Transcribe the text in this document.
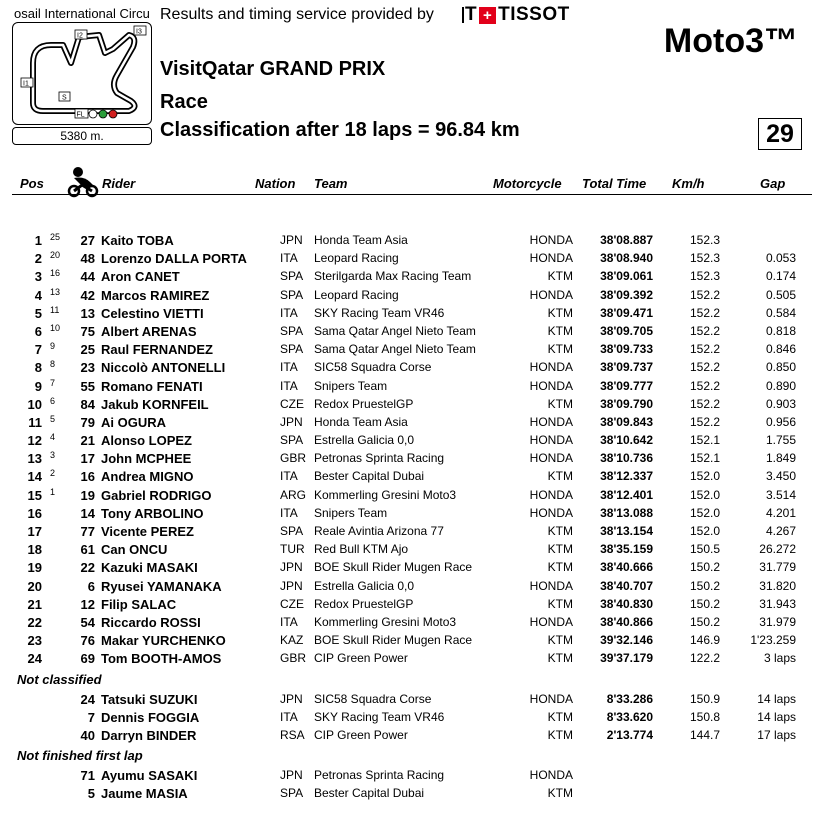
osail International Circu
I2
I3
I1
S
FL
5380 m.
Results and timing service provided by T + TISSOT
Moto3™
VisitQatar GRAND PRIX
Race
Classification after 18 laps = 96.84 km	29
Pos	Rider	Nation Team	Motorcycle Total Time Km/h	Gap
1 25	27 Kaito TOBA	JPN Honda Team Asia	HONDA	38'08.887	152.3
2 20	48 Lorenzo DALLA PORTA	ITA Leopard Racing	HONDA	38'08.940	152.3	0.053
3 16	44 Aron CANET	SPA Sterilgarda Max Racing Team	KTM	38'09.061	152.3	0.174
4 13	42 Marcos RAMIREZ	SPA Leopard Racing	HONDA	38'09.392	152.2	0.505
5 11	13 Celestino VIETTI	ITA SKY Racing Team VR46	KTM	38'09.471	152.2	0.584
6 10	75 Albert ARENAS	SPA Sama Qatar Angel Nieto Team	KTM	38'09.705	152.2	0.818
7 9	25 Raul FERNANDEZ	SPA Sama Qatar Angel Nieto Team	KTM	38'09.733	152.2	0.846
8 8	23 Niccolò ANTONELLI	ITA SIC58 Squadra Corse	HONDA	38'09.737	152.2	0.850
9 7	55 Romano FENATI	ITA Snipers Team	HONDA	38'09.777	152.2	0.890
10 6	84 Jakub KORNFEIL	CZE Redox PruestelGP	KTM	38'09.790	152.2	0.903
11 5	79 Ai OGURA	JPN Honda Team Asia	HONDA	38'09.843	152.2	0.956
12 4	21 Alonso LOPEZ	SPA Estrella Galicia 0,0	HONDA	38'10.642	152.1	1.755
13 3	17 John MCPHEE	GBR Petronas Sprinta Racing	HONDA	38'10.736	152.1	1.849
14 2	16 Andrea MIGNO	ITA Bester Capital Dubai	KTM	38'12.337	152.0	3.450
15 1	19 Gabriel RODRIGO	ARG Kommerling Gresini Moto3	HONDA	38'12.401	152.0	3.514
16	14 Tony ARBOLINO	ITA Snipers Team	HONDA	38'13.088	152.0	4.201
17	77 Vicente PEREZ	SPA Reale Avintia Arizona 77	KTM	38'13.154	152.0	4.267
18	61 Can ONCU	TUR Red Bull KTM Ajo	KTM	38'35.159	150.5	26.272
19	22 Kazuki MASAKI	JPN BOE Skull Rider Mugen Race	KTM	38'40.666	150.2	31.779
20	6 Ryusei YAMANAKA	JPN Estrella Galicia 0,0	HONDA	38'40.707	150.2	31.820
21	12 Filip SALAC	CZE Redox PruestelGP	KTM	38'40.830	150.2	31.943
22	54 Riccardo ROSSI	ITA Kommerling Gresini Moto3	HONDA	38'40.866	150.2	31.979
23	76 Makar YURCHENKO	KAZ BOE Skull Rider Mugen Race	KTM	39'32.146	146.9	1'23.259
24	69 Tom BOOTH-AMOS	GBR CIP Green Power	KTM	39'37.179	122.2	3 laps
Not classified
24 Tatsuki SUZUKI	JPN SIC58 Squadra Corse	HONDA	8'33.286	150.9	14 laps
7 Dennis FOGGIA	ITA SKY Racing Team VR46	KTM	8'33.620	150.8	14 laps
40 Darryn BINDER	RSA CIP Green Power	KTM	2'13.774	144.7	17 laps
Not finished first lap
71 Ayumu SASAKI	JPN Petronas Sprinta Racing	HONDA
5 Jaume MASIA	SPA Bester Capital Dubai	KTM
